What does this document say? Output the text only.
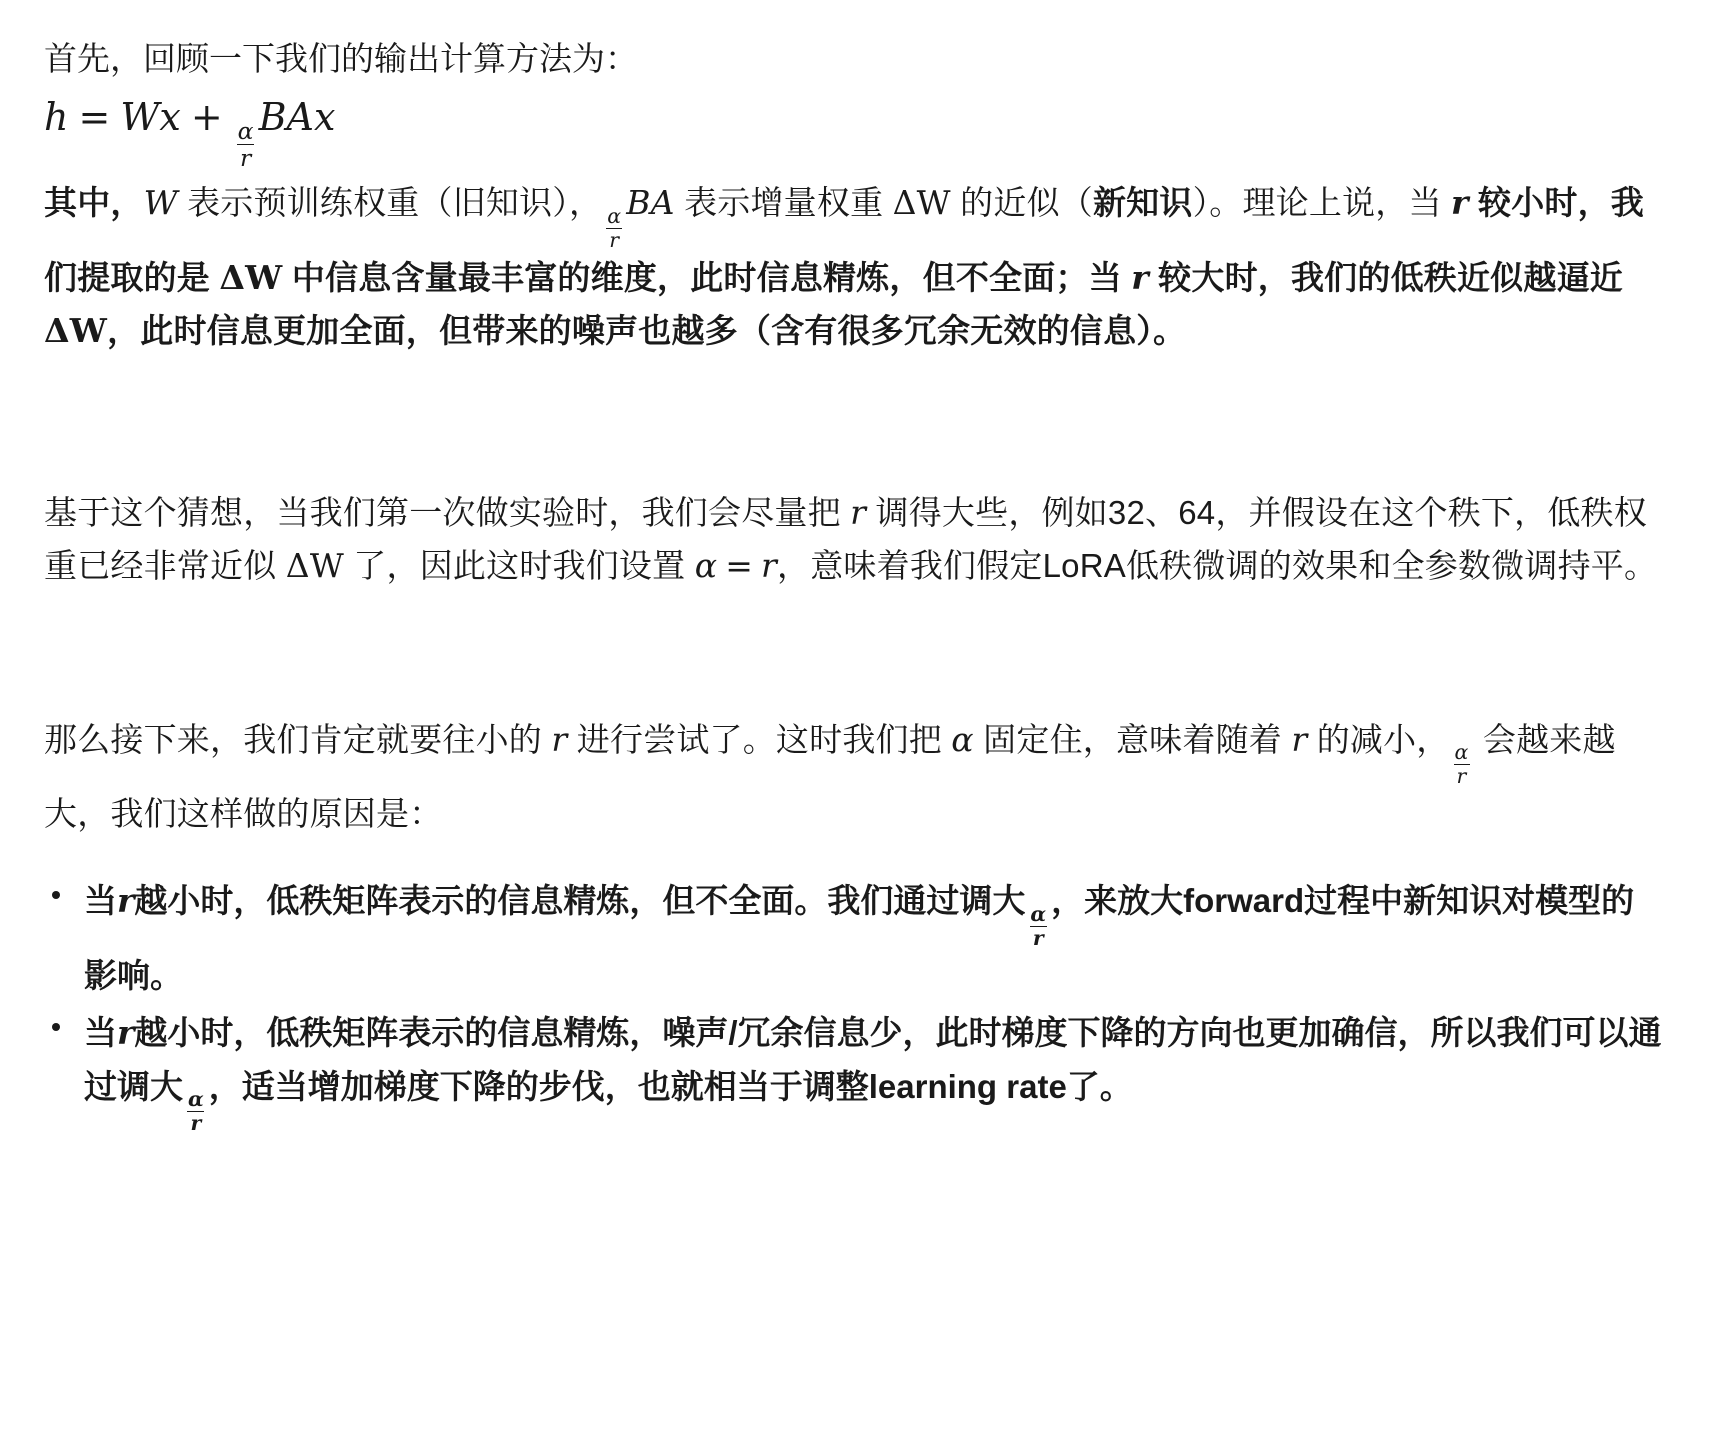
首先，回顾一下我们的输出计算方法为：

h = Wx +
$\frac{\alpha}{r}$
BAx

其中，W 表示预训练权重（旧知识），
$\frac{\alpha}{r}$
BA 表示增量权重 ΔW 的近似（新知识）。理论上说，当 r 较小时，我们提取的是 ΔW 中信息含量最丰富的维度，此时信息精炼，但不全面；当 r 较大时，我们的低秩近似越逼近ΔW，此时信息更加全面，但带来的噪声也越多（含有很多冗余无效的信息）。

基于这个猜想，当我们第一次做实验时，我们会尽量把 r 调得大些，例如32、64，并假设在这个秩下，低秩权重已经非常近似 ΔW 了，因此这时我们设置 α = r，意味着我们假定LoRA低秩微调的效果和全参数微调持平。

那么接下来，我们肯定就要往小的 r 进行尝试了。这时我们把 α 固定住，意味着随着 r 的减小，
$\frac{\alpha}{r}$
会越来越大，我们这样做的原因是：

当r越小时，低秩矩阵表示的信息精炼，但不全面。我们通过调大
$\frac{\alpha}{r}$
，来放大forward过程中新知识对模型的影响。
当r越小时，低秩矩阵表示的信息精炼，噪声/冗余信息少，此时梯度下降的方向也更加确信，所以我们可以通过调大
$\frac{\alpha}{r}$
，适当增加梯度下降的步伐，也就相当于调整learning rate了。
